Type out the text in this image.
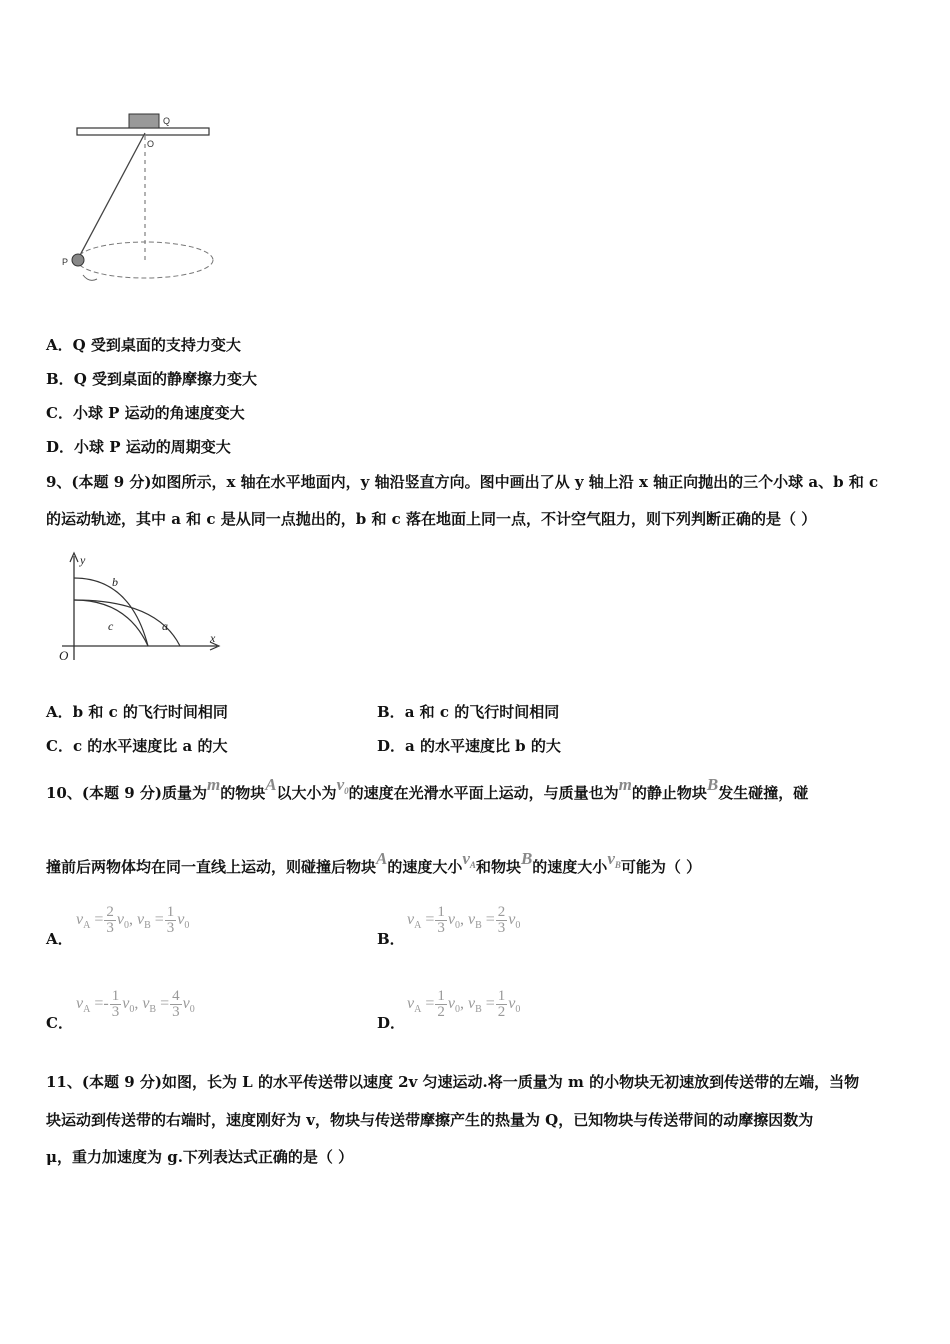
Q
O
P
A．Q 受到桌面的支持力变大
B．Q 受到桌面的静摩擦力变大
C．小球 P 运动的角速度变大
D．小球 P 运动的周期变大
9、(本题 9 分)如图所示，x 轴在水平地面内，y 轴沿竖直方向。图中画出了从 y 轴上沿 x 轴正向抛出的三个小球 a、b 和 c
的运动轨迹，其中 a 和 c 是从同一点抛出的，b 和 c 落在地面上同一点，不计空气阻力，则下列判断正确的是（ ）
y
x
O
b
c	a
A．b 和 c 的飞行时间相同	B．a 和 c 的飞行时间相同
C．c 的水平速度比 a 的大	D．a 的水平速度比 b 的大
10、(本题 9 分)质量为m的物块A以大小为$v_0$的速度在光滑水平面上运动，与质量也为m的静止物块B发生碰撞，碰
撞前后两物体均在同一直线上运动，则碰撞后物块A的速度大小$v_A$和物块B的速度大小$v_B$可能为（ ）
A．
$v_A = \frac{2}{3} v_0$, $v_B = \frac{1}{3} v_0$
B．
$v_A = \frac{1}{3} v_0$, $v_B = \frac{2}{3} v_0$
C．
$v_A =- \frac{1}{3} v_0$, $v_B = \frac{4}{3} v_0$
D．
$v_A = \frac{1}{2} v_0$, $v_B = \frac{1}{2} v_0$
11、(本题 9 分)如图，长为 L 的水平传送带以速度 2v 匀速运动.将一质量为 m 的小物块无初速放到传送带的左端，当物
块运动到传送带的右端时，速度刚好为 v，物块与传送带摩擦产生的热量为 Q，已知物块与传送带间的动摩擦因数为
μ，重力加速度为 g.下列表达式正确的是（ ）
